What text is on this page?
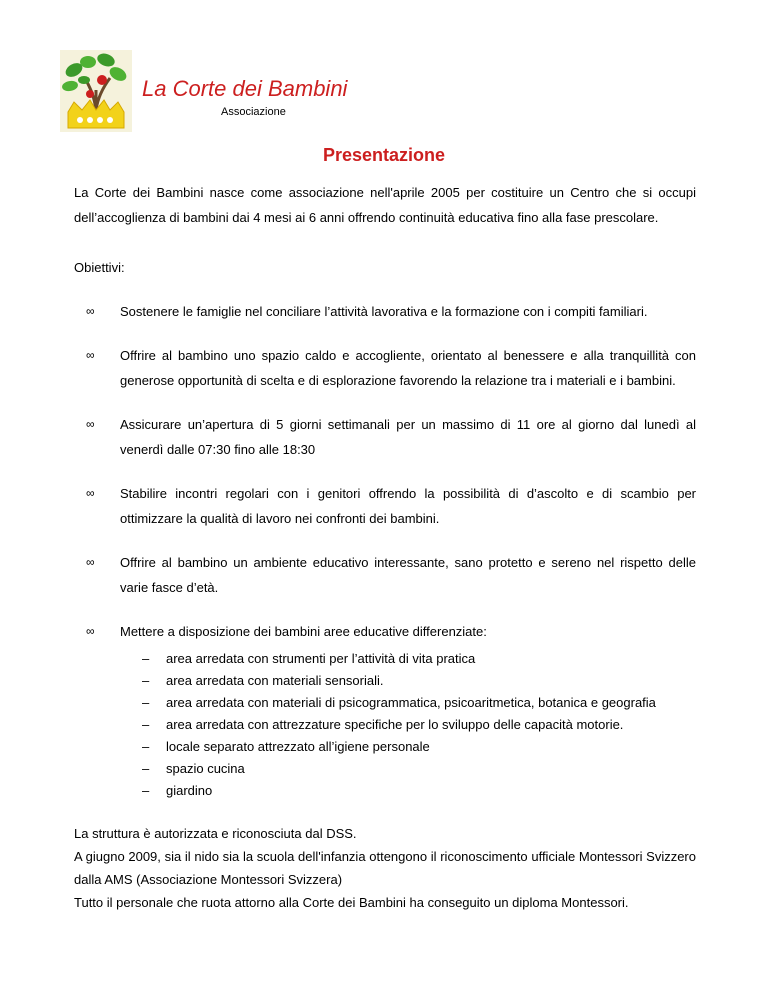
La Corte dei Bambini
Associazione
Presentazione

La Corte dei Bambini nasce come associazione nell'aprile 2005 per costituire un Centro che si occupi dell’accoglienza di bambini dai 4 mesi ai 6 anni offrendo continuità educativa fino alla fase prescolare.

Obiettivi:

∞ Sostenere le famiglie nel conciliare l’attività lavorativa e la formazione con i compiti familiari.
∞ Offrire al bambino uno spazio caldo e accogliente, orientato al benessere e alla tranquillità con generose opportunità di scelta e di esplorazione favorendo la relazione tra i materiali e i bambini.
∞ Assicurare un’apertura di 5 giorni settimanali per un massimo di 11 ore al giorno dal lunedì al venerdì dalle 07:30 fino alle 18:30
∞ Stabilire incontri regolari con i genitori offrendo la possibilità di d’ascolto e di scambio per ottimizzare la qualità di lavoro nei confronti dei bambini.
∞ Offrire al bambino un ambiente educativo interessante, sano protetto e sereno nel rispetto delle varie fasce d’età.
∞ Mettere a disposizione dei bambini aree educative differenziate:
– area arredata con strumenti per l’attività di vita pratica
– area arredata con materiali sensoriali.
– area arredata con materiali di psicogrammatica, psicoaritmetica, botanica e geografia
– area arredata con attrezzature specifiche per lo sviluppo delle capacità motorie.
– locale separato attrezzato all’igiene personale
– spazio cucina
– giardino

La struttura è autorizzata e riconosciuta dal DSS.

A giugno 2009, sia il nido sia la scuola dell'infanzia ottengono il riconoscimento ufficiale Montessori Svizzero dalla AMS (Associazione Montessori Svizzera)

Tutto il personale che ruota attorno alla Corte dei Bambini ha conseguito un diploma Montessori.
